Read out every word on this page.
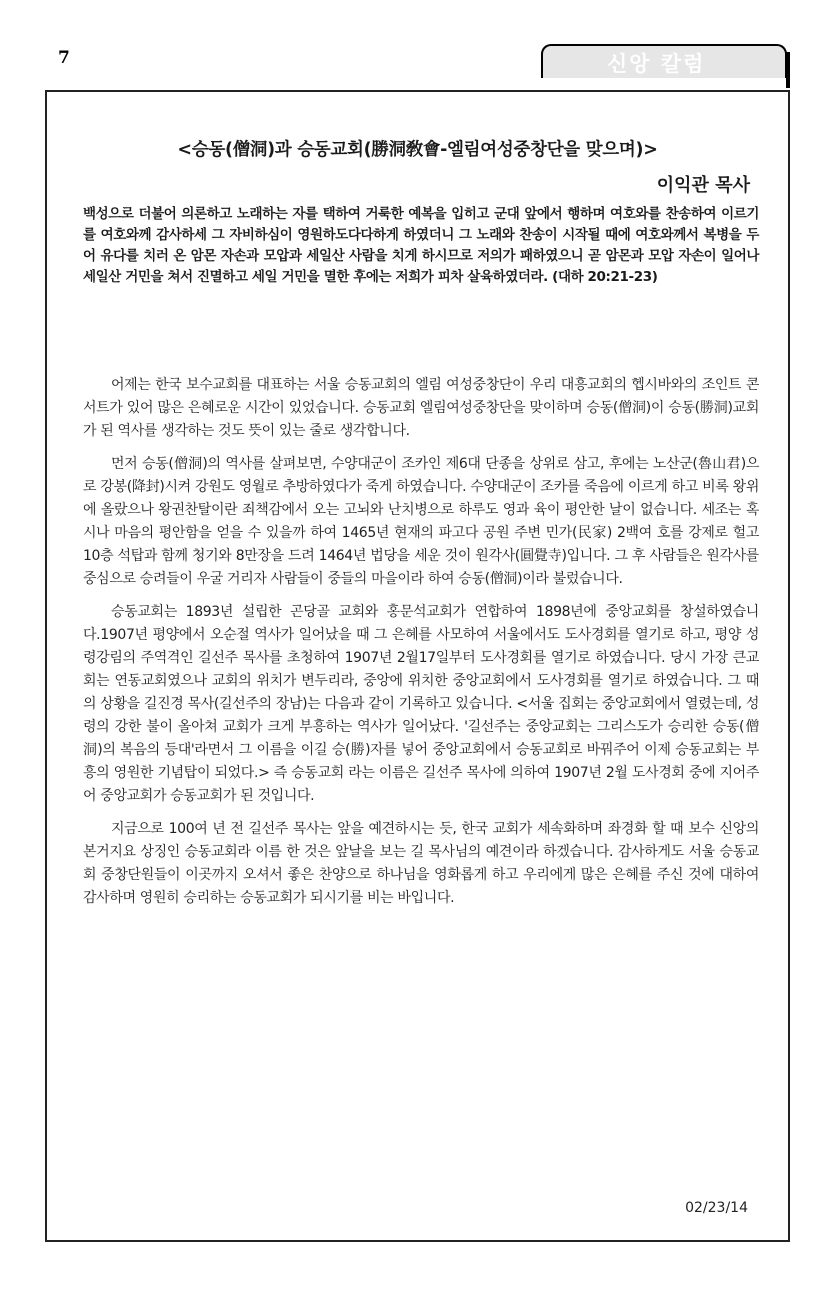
7	신앙 칼럼
<승동(僧洞)과 승동교회(勝洞敎會-엘림여성중창단을 맞으며)>
이익관 목사
백성으로 더불어 의론하고 노래하는 자를 택하여 거룩한 예복을 입히고 군대 앞에서 행하며 여호와를 찬송하여 이르기를 여호와께 감사하세 그 자비하심이 영원하도다다하게 하였더니 그 노래와 찬송이 시작될 때에 여호와께서 복병을 두어 유다를 치러 온 암몬 자손과 모압과 세일산 사람을 치게 하시므로 저의가 패하였으니 곧 암몬과 모압 자손이 일어나 세일산 거민을 쳐서 진멸하고 세일 거민을 멸한 후에는 저희가 피차 살육하였더라. (대하 20:21-23)

어제는 한국 보수교회를 대표하는 서울 승동교회의 엘림 여성중창단이 우리 대흥교회의 헵시바와의 조인트 콘서트가 있어 많은 은혜로운 시간이 있었습니다. 승동교회 엘림여성중창단을 맞이하며 승동(僧洞)이 승동(勝洞)교회가 된 역사를 생각하는 것도 뜻이 있는 줄로 생각합니다.

먼저 승동(僧洞)의 역사를 살펴보면, 수양대군이 조카인 제6대 단종을 상위로 삼고, 후에는 노산군(魯山君)으로 강봉(降封)시켜 강원도 영월로 추방하였다가 죽게 하였습니다. 수양대군이 조카를 죽음에 이르게 하고 비록 왕위에 올랐으나 왕권찬탈이란 죄책감에서 오는 고뇌와 난치병으로 하루도 영과 육이 평안한 날이 없습니다. 세조는 혹시나 마음의 평안함을 얻을 수 있을까 하여 1465년 현재의 파고다 공원 주변 민가(民家) 2백여 호를 강제로 헐고 10층 석탑과 함께 청기와 8만장을 드려 1464년 법당을 세운 것이 원각사(圓覺寺)입니다. 그 후 사람들은 원각사를 중심으로 승려들이 우굴 거리자 사람들이 중들의 마을이라 하여 승동(僧洞)이라 불렀습니다.

승동교회는 1893년 설립한 곤당골 교회와 홍문석교회가 연합하여 1898년에 중앙교회를 창설하였습니다.1907년 평양에서 오순절 역사가 일어났을 때 그 은혜를 사모하여 서울에서도 도사경회를 열기로 하고, 평양 성령강림의 주역격인 길선주 목사를 초청하여 1907년 2월17일부터 도사경회를 열기로 하였습니다. 당시 가장 큰교회는 연동교회였으나 교회의 위치가 변두리라, 중앙에 위치한 중앙교회에서 도사경회를 열기로 하였습니다. 그 때의 상황을 길진경 목사(길선주의 장남)는 다음과 같이 기록하고 있습니다. <서울 집회는 중앙교회에서 열렸는데, 성령의 강한 불이 올아쳐 교회가 크게 부흥하는 역사가 일어났다. '길선주는 중앙교회는 그리스도가 승리한 승동(僧洞)의 복음의 등대'라면서 그 이름을 이길 승(勝)자를 넣어 중앙교회에서 승동교회로 바꿔주어 이제 승동교회는 부흥의 영원한 기념탑이 되었다.> 즉 승동교회 라는 이름은 길선주 목사에 의하여 1907년 2월 도사경회 중에 지어주어 중앙교회가 승동교회가 된 것입니다.

지금으로 100여 년 전 길선주 목사는 앞을 예견하시는 듯, 한국 교회가 세속화하며 좌경화 할 때 보수 신앙의 본거지요 상징인 승동교회라 이름 한 것은 앞날을 보는 길 목사님의 예견이라 하겠습니다. 감사하게도 서울 승동교회 중창단원들이 이곳까지 오셔서 좋은 찬양으로 하나님을 영화롭게 하고 우리에게 많은 은혜를 주신 것에 대하여 감사하며 영원히 승리하는 승동교회가 되시기를 비는 바입니다.

02/23/14
